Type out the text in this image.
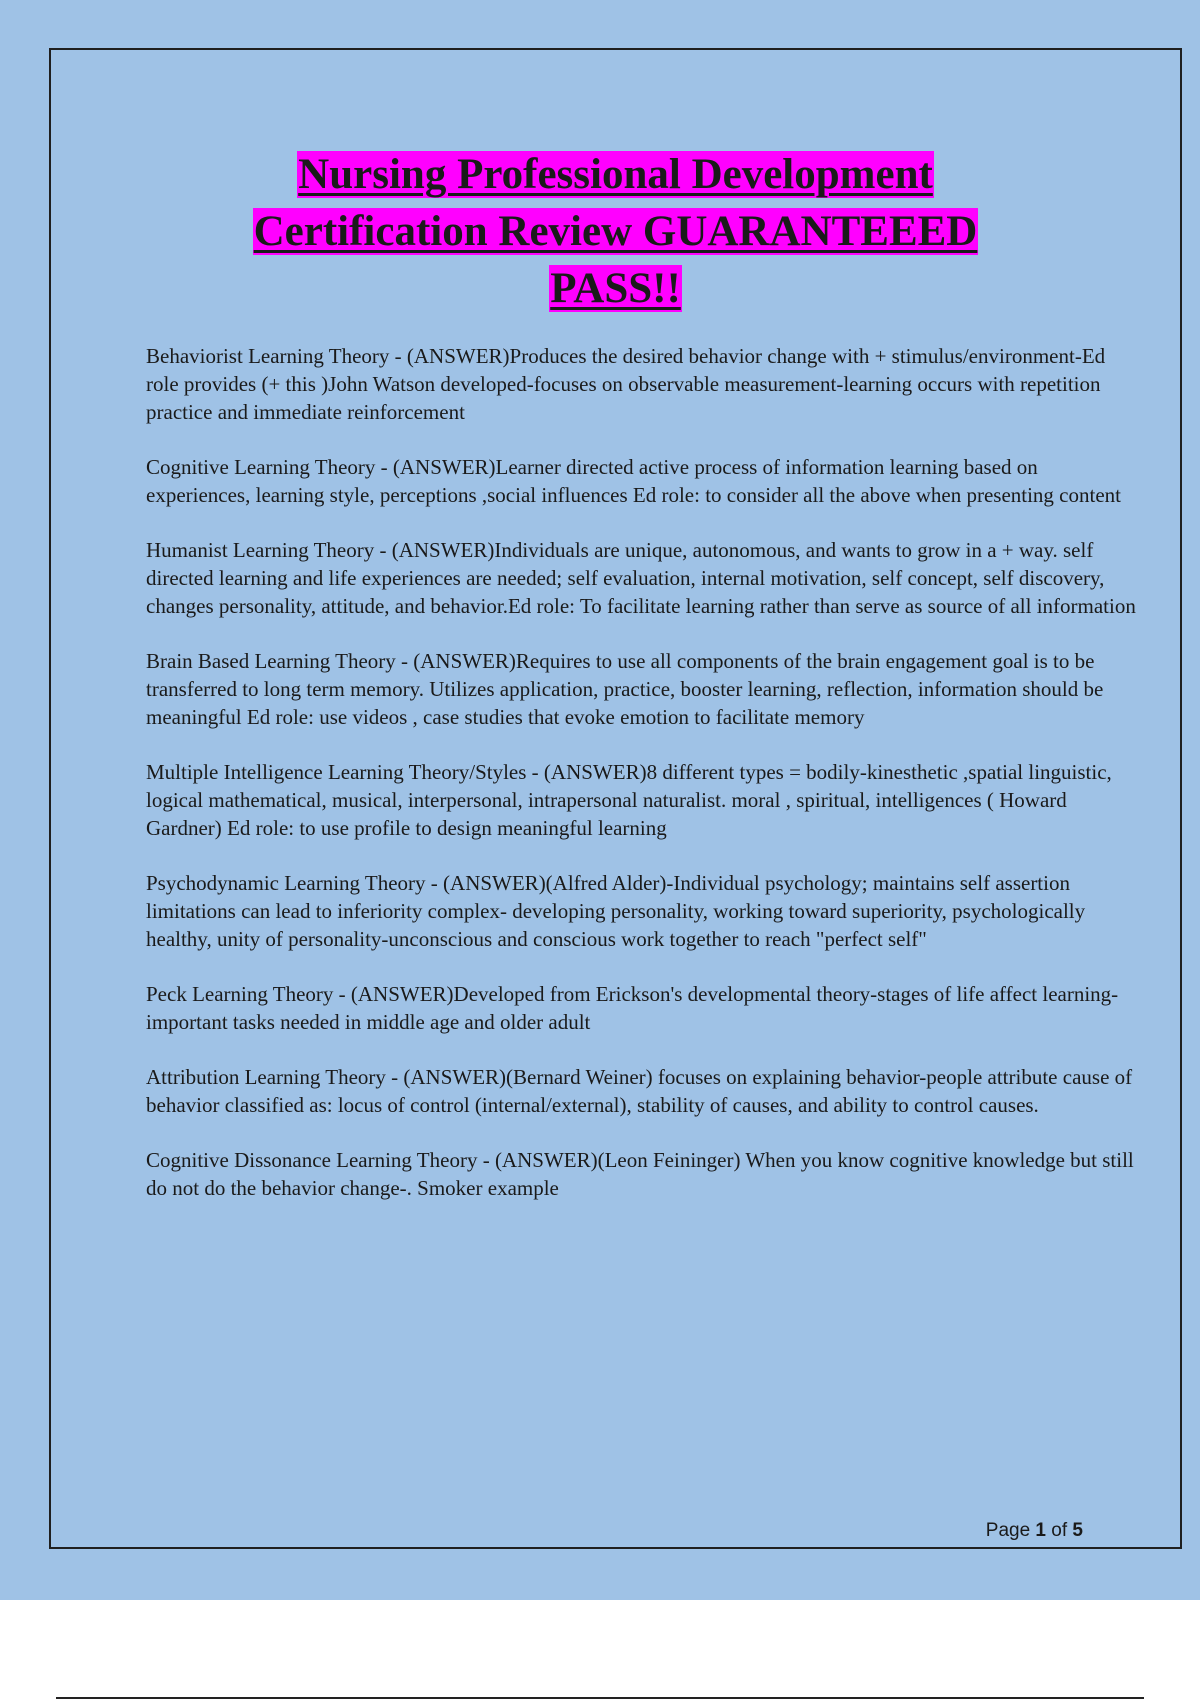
Nursing Professional Development
Certification Review GUARANTEEED
PASS!!
Behaviorist Learning Theory - (ANSWER)Produces the desired behavior change with + stimulus/environment-Ed role provides (+ this )John Watson developed-focuses on observable measurement-learning occurs with repetition practice and immediate reinforcement
Cognitive Learning Theory - (ANSWER)Learner directed active process of information learning based on experiences, learning style, perceptions ,social influences Ed role: to consider all the above when presenting content
Humanist Learning Theory - (ANSWER)Individuals are unique, autonomous, and wants to grow in a + way. self directed learning and life experiences are needed; self evaluation, internal motivation, self concept, self discovery, changes personality, attitude, and behavior.Ed role: To facilitate learning rather than serve as source of all information
Brain Based Learning Theory - (ANSWER)Requires to use all components of the brain engagement goal is to be transferred to long term memory. Utilizes application, practice, booster learning, reflection, information should be meaningful Ed role: use videos , case studies that evoke emotion to facilitate memory
Multiple Intelligence Learning Theory/Styles - (ANSWER)8 different types = bodily-kinesthetic ,spatial linguistic, logical mathematical, musical, interpersonal, intrapersonal naturalist. moral , spiritual, intelligences ( Howard Gardner) Ed role: to use profile to design meaningful learning
Psychodynamic Learning Theory - (ANSWER)(Alfred Alder)-Individual psychology; maintains self assertion limitations can lead to inferiority complex- developing personality, working toward superiority, psychologically healthy, unity of personality-unconscious and conscious work together to reach "perfect self"
Peck Learning Theory - (ANSWER)Developed from Erickson's developmental theory-stages of life affect learning-important tasks needed in middle age and older adult
Attribution Learning Theory - (ANSWER)(Bernard Weiner) focuses on explaining behavior-people attribute cause of behavior classified as: locus of control (internal/external), stability of causes, and ability to control causes.
Cognitive Dissonance Learning Theory - (ANSWER)(Leon Feininger) When you know cognitive knowledge but still do not do the behavior change-. Smoker example
Page 1 of 5
